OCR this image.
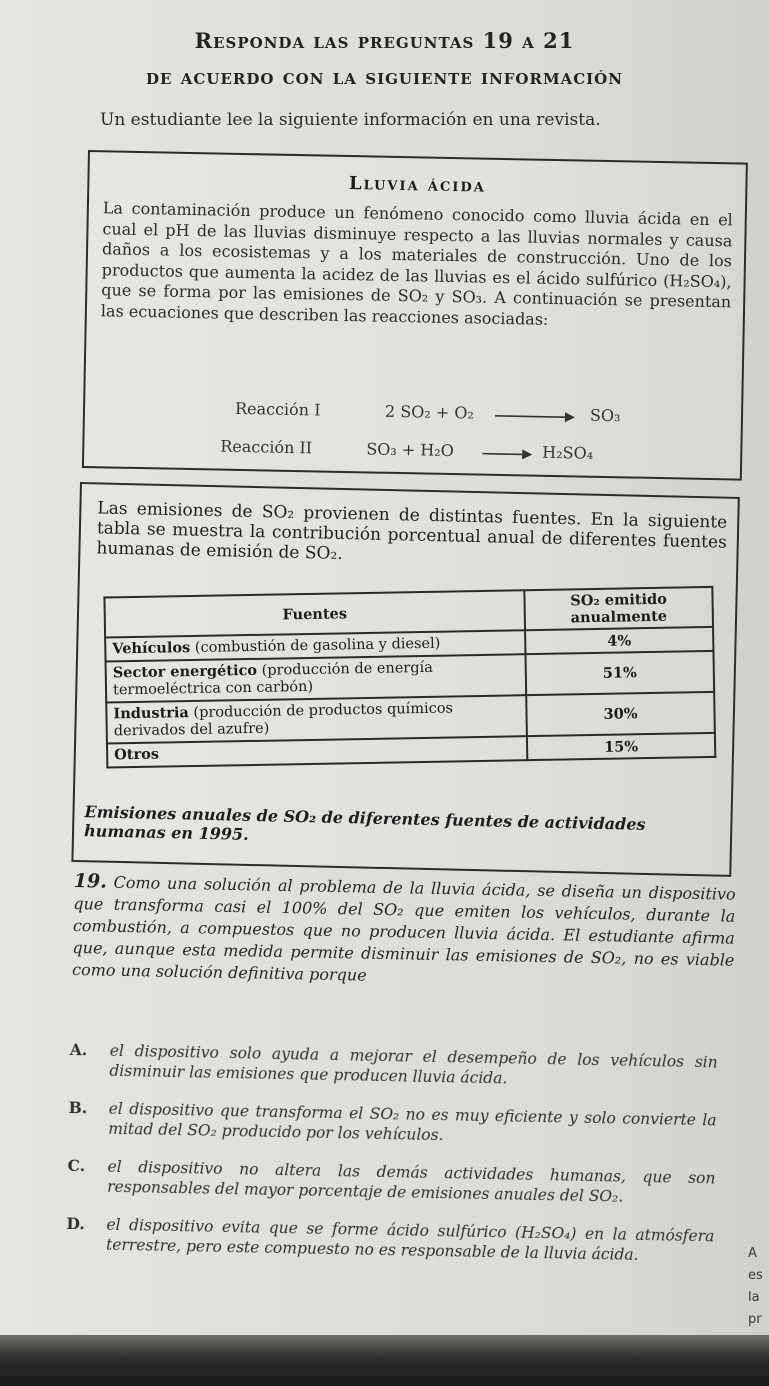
Responda las preguntas 19 a 21
de acuerdo con la siguiente información
Un estudiante lee la siguiente información en una revista.
Lluvia ácida
La contaminación produce un fenómeno conocido como lluvia ácida en el cual el pH de las lluvias disminuye respecto a las lluvias normales y causa daños a los ecosistemas y a los materiales de construcción. Uno de los productos que aumenta la acidez de las lluvias es el ácido sulfúrico (H₂SO₄), que se forma por las emisiones de SO₂ y SO₃. A continuación se presentan las ecuaciones que describen las reacciones asociadas:
Reacción I	2 SO₂ + O₂	SO₃
Reacción II	SO₃ + H₂O → H₂SO₄
Las emisiones de SO₂ provienen de distintas fuentes. En la siguiente tabla se muestra la contribución porcentual anual de diferentes fuentes humanas de emisión de SO₂.
Fuentes	SO₂ emitido anualmente
Vehículos (combustión de gasolina y diesel)	4%
Sector energético (producción de energía termoeléctrica con carbón)	51%
Industria (producción de productos químicos derivados del azufre)	30%
Otros	15%
Emisiones anuales de SO₂ de diferentes fuentes de actividades humanas en 1995.
19. Como una solución al problema de la lluvia ácida, se diseña un dispositivo que transforma casi el 100% del SO₂ que emiten los vehículos, durante la combustión, a compuestos que no producen lluvia ácida. El estudiante afirma que, aunque esta medida permite disminuir las emisiones de SO₂, no es viable como una solución definitiva porque
A. el dispositivo solo ayuda a mejorar el desempeño de los vehículos sin disminuir las emisiones que producen lluvia ácida.
B. el dispositivo que transforma el SO₂ no es muy eficiente y solo convierte la mitad del SO₂ producido por los vehículos.
C. el dispositivo no altera las demás actividades humanas, que son responsables del mayor porcentaje de emisiones anuales del SO₂.
D. el dispositivo evita que se forme ácido sulfúrico (H₂SO₄) en la atmósfera terrestre, pero este compuesto no es responsable de la lluvia ácida.	A
es
la
pr
